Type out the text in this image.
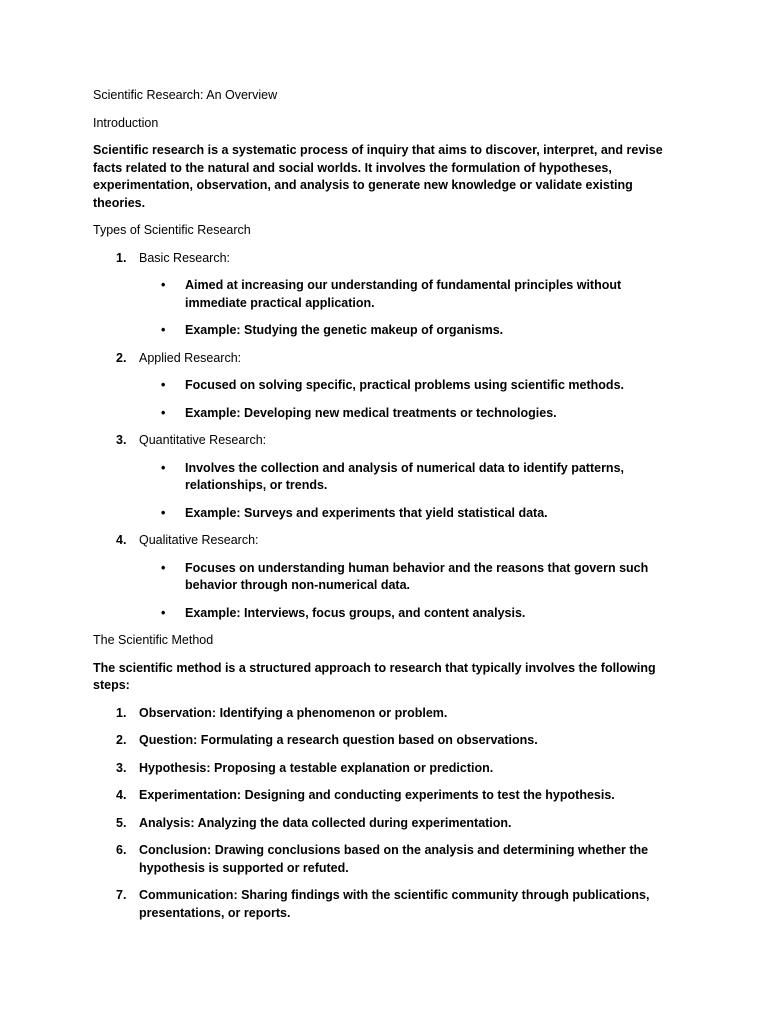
Scientific Research: An Overview

Introduction

Scientific research is a systematic process of inquiry that aims to discover, interpret, and revise facts related to the natural and social worlds. It involves the formulation of hypotheses, experimentation, observation, and analysis to generate new knowledge or validate existing theories.

Types of Scientific Research

1. Basic Research:
• Aimed at increasing our understanding of fundamental principles without immediate practical application.
• Example: Studying the genetic makeup of organisms.
2. Applied Research:
• Focused on solving specific, practical problems using scientific methods.
• Example: Developing new medical treatments or technologies.
3. Quantitative Research:
• Involves the collection and analysis of numerical data to identify patterns, relationships, or trends.
• Example: Surveys and experiments that yield statistical data.
4. Qualitative Research:
• Focuses on understanding human behavior and the reasons that govern such behavior through non-numerical data.
• Example: Interviews, focus groups, and content analysis.

The Scientific Method

The scientific method is a structured approach to research that typically involves the following steps:

1. Observation: Identifying a phenomenon or problem.
2. Question: Formulating a research question based on observations.
3. Hypothesis: Proposing a testable explanation or prediction.
4. Experimentation: Designing and conducting experiments to test the hypothesis.
5. Analysis: Analyzing the data collected during experimentation.
6. Conclusion: Drawing conclusions based on the analysis and determining whether the hypothesis is supported or refuted.
7. Communication: Sharing findings with the scientific community through publications, presentations, or reports.
